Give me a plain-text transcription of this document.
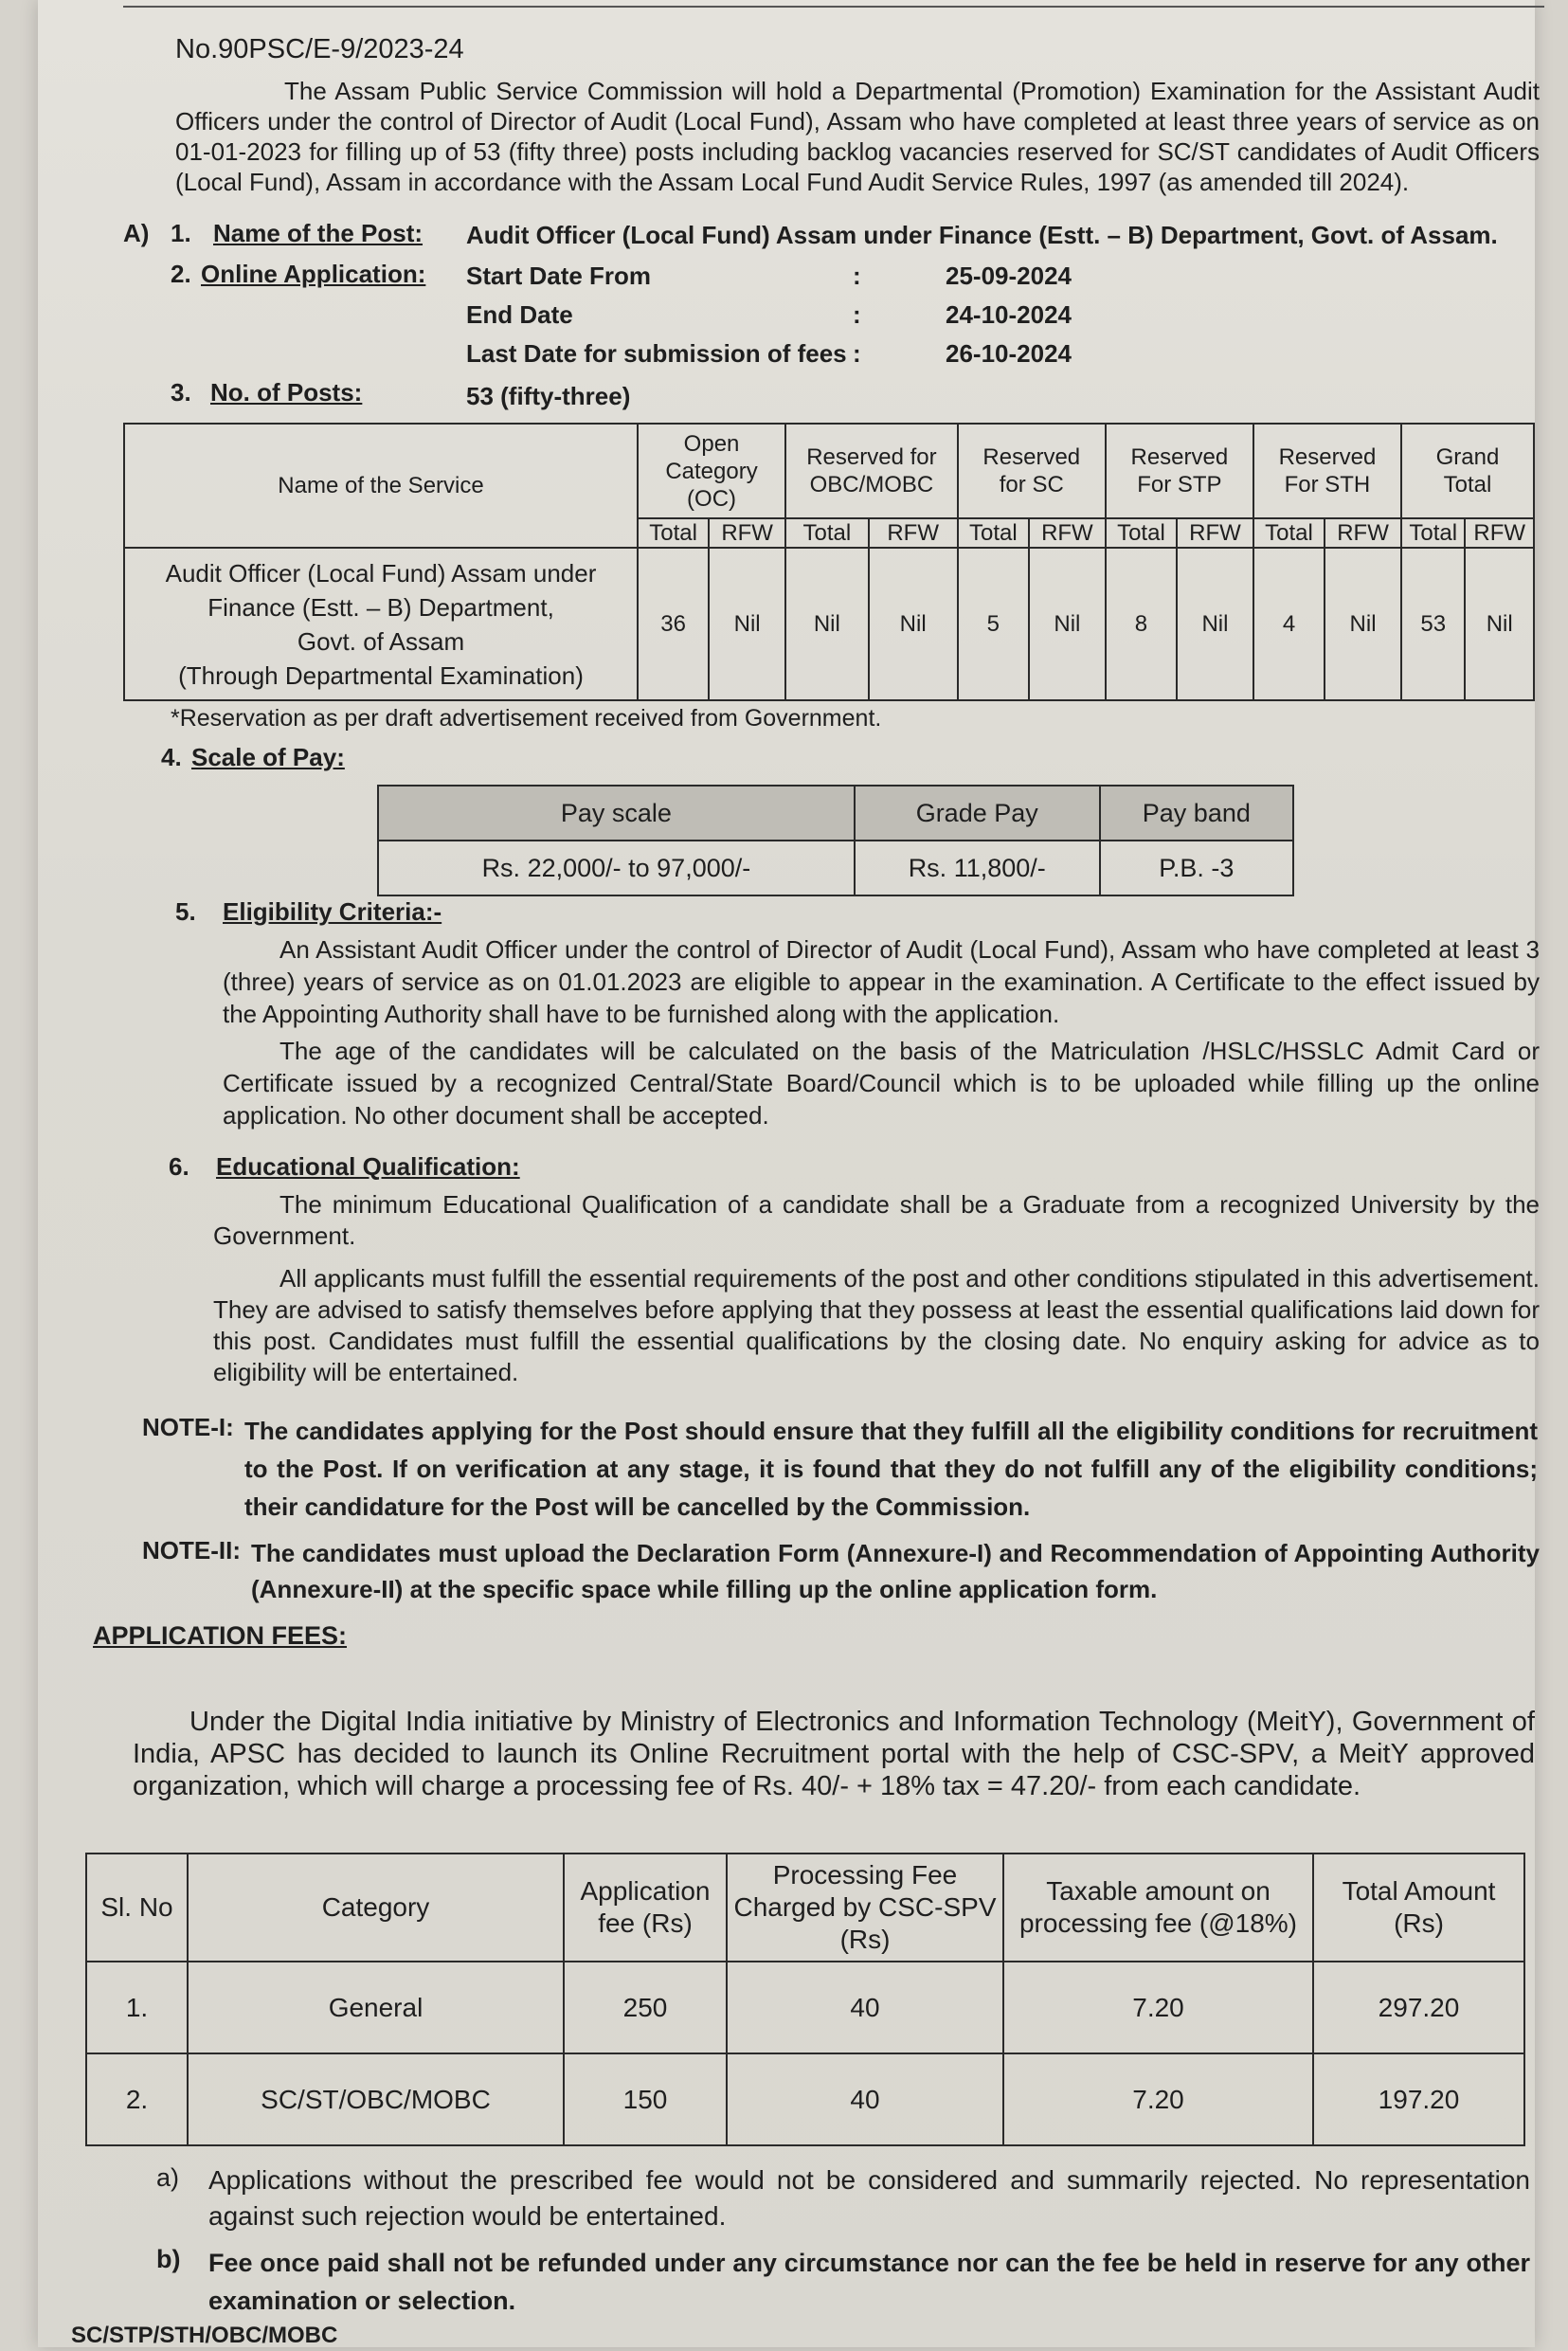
No.90PSC/E-9/2023-24
The Assam Public Service Commission will hold a Departmental (Promotion) Examination for the Assistant Audit Officers under the control of Director of Audit (Local Fund), Assam who have completed at least three years of service as on 01-01-2023 for filling up of 53 (fifty three) posts including backlog vacancies reserved for SC/ST candidates of Audit Officers (Local Fund), Assam in accordance with the Assam Local Fund Audit Service Rules, 1997 (as amended till 2024).
A) 1. Name of the Post: Audit Officer (Local Fund) Assam under Finance (Estt. – B) Department, Govt. of Assam.
2. Online Application: Start Date From	:	25-09-2024
End Date	:	24-10-2024
Last Date for submission of fees :	26-10-2024
3. No. of Posts:	53 (fifty-three)
Name of the Service	Open Category (OC)		Reserved for OBC/MOBC		Reserved for SC		Reserved For STP		Reserved For STH		Grand Total	

	Total	RFW	Total	RFW	Total	RFW	Total	RFW	Total	RFW	Total	RFW

Audit Officer (Local Fund) Assam under
Finance (Estt. – B) Department,
Govt. of Assam
(Through Departmental Examination)	36	Nil	Nil	Nil	5	Nil	8	Nil	4	Nil	53	Nil
*Reservation as per draft advertisement received from Government.
4. Scale of Pay:
Pay scale	Grade Pay	Pay band
Rs. 22,000/- to 97,000/-	Rs. 11,800/-	P.B. -3
5. Eligibility Criteria:-
An Assistant Audit Officer under the control of Director of Audit (Local Fund), Assam who have completed at least 3 (three) years of service as on 01.01.2023 are eligible to appear in the examination. A Certificate to the effect issued by the Appointing Authority shall have to be furnished along with the application.
The age of the candidates will be calculated on the basis of the Matriculation /HSLC/HSSLC Admit Card or Certificate issued by a recognized Central/State Board/Council which is to be uploaded while filling up the online application. No other document shall be accepted.
6. Educational Qualification:
The minimum Educational Qualification of a candidate shall be a Graduate from a recognized University by the Government.
All applicants must fulfill the essential requirements of the post and other conditions stipulated in this advertisement. They are advised to satisfy themselves before applying that they possess at least the essential qualifications laid down for this post. Candidates must fulfill the essential qualifications by the closing date. No enquiry asking for advice as to eligibility will be entertained.
NOTE-I: The candidates applying for the Post should ensure that they fulfill all the eligibility conditions for recruitment to the Post. If on verification at any stage, it is found that they do not fulfill any of the eligibility conditions; their candidature for the Post will be cancelled by the Commission.
NOTE-II: The candidates must upload the Declaration Form (Annexure-I) and Recommendation of Appointing Authority (Annexure-II) at the specific space while filling up the online application form.
APPLICATION FEES:
Under the Digital India initiative by Ministry of Electronics and Information Technology (MeitY), Government of India, APSC has decided to launch its Online Recruitment portal with the help of CSC-SPV, a MeitY approved organization, which will charge a processing fee of Rs. 40/- + 18% tax = 47.20/- from each candidate.
Sl. No	Category	Application fee (Rs)	Processing Fee Charged by CSC-SPV (Rs)	Taxable amount on processing fee (@18%)	Total Amount (Rs)
1.	General	250	40	7.20	297.20
2.	SC/ST/OBC/MOBC	150	40	7.20	197.20
a) Applications without the prescribed fee would not be considered and summarily rejected. No representation against such rejection would be entertained.
b) Fee once paid shall not be refunded under any circumstance nor can the fee be held in reserve for any other examination or selection.
SC/STP/STH/OBC/MOBC
